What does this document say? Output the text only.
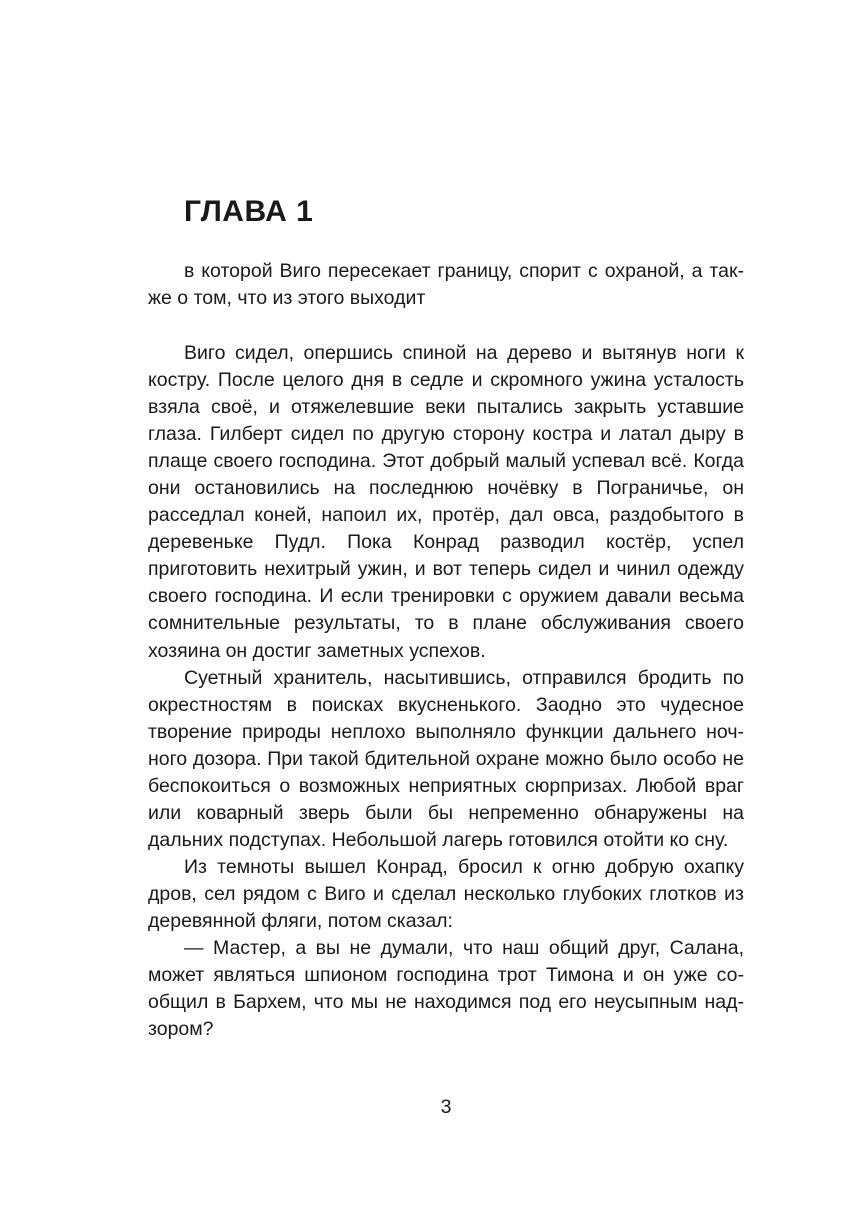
ГЛАВА 1

в которой Виго пересекает границу, спорит с охраной, а также о том, что из этого выходит

Виго сидел, опершись спиной на дерево и вытянув ноги к костру. После целого дня в седле и скромного ужина усталость взяла своё, и отяжелевшие веки пытались закрыть уставшие глаза. Гилберт сидел по другую сторону костра и латал дыру в плаще своего господина. Этот добрый малый успевал всё. Когда они остановились на последнюю ночёвку в Пограничье, он расседлал коней, напоил их, протёр, дал овса, раздобытого в деревеньке Пудл. Пока Конрад разводил костёр, успел приготовить нехитрый ужин, и вот теперь сидел и чинил одежду своего господина. И если тренировки с оружием давали весьма сомнительные результаты, то в плане обслуживания своего хозяина он достиг заметных успехов.

Суетный хранитель, насытившись, отправился бродить по окрестностям в поисках вкусненького. Заодно это чудесное творение природы неплохо выполняло функции дальнего ночного дозора. При такой бдительной охране можно было особо не беспокоиться о возможных неприятных сюрпризах. Любой враг или коварный зверь были бы непременно обнаружены на дальних подступах. Небольшой лагерь готовился отойти ко сну.

Из темноты вышел Конрад, бросил к огню добрую охапку дров, сел рядом с Виго и сделал несколько глубоких глотков из деревянной фляги, потом сказал:

— Мастер, а вы не думали, что наш общий друг, Салана, может являться шпионом господина трот Тимона и он уже сообщил в Бархем, что мы не находимся под его неусыпным надзором?

3
